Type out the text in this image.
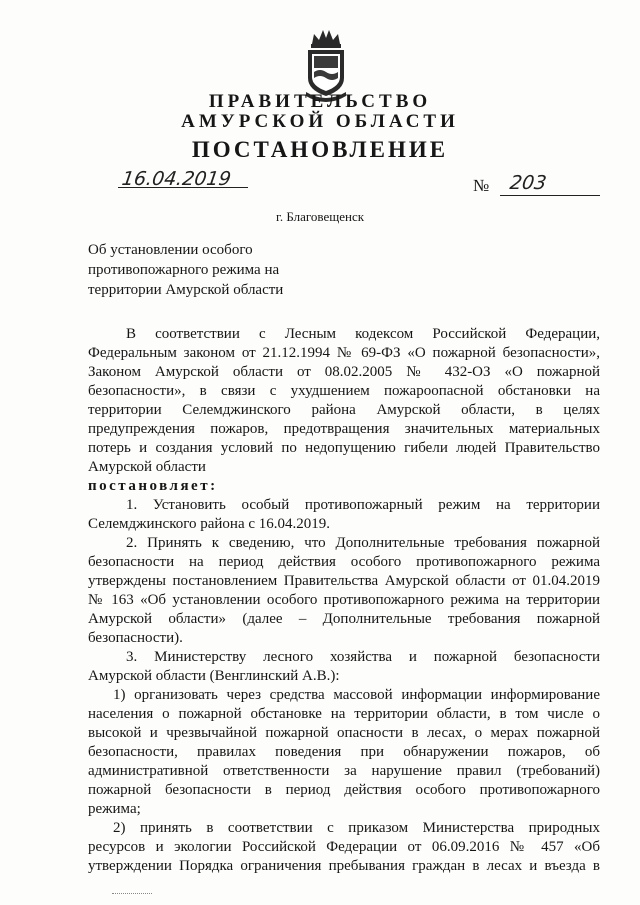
ПРАВИТЕЛЬСТВО

АМУРСКОЙ ОБЛАСТИ

ПОСТАНОВЛЕНИЕ

16.04.2019	№ 203
г. Благовещенск
Об установлении особого
противопожарного режима на
территории Амурской области

В соответствии с Лесным кодексом Российской Федерации,

Федеральным законом от 21.12.1994 № 69-ФЗ «О пожарной безопасности»,

Законом Амурской области от 08.02.2005 № 432-ОЗ «О пожарной

безопасности», в связи с ухудшением пожароопасной обстановки на

территории Селемджинского района Амурской области, в целях

предупреждения пожаров, предотвращения значительных материальных

потерь и создания условий по недопущению гибели людей Правительство

Амурской области

постановляет:

1. Установить особый противопожарный режим на территории

Селемджинского района с 16.04.2019.

2. Принять к сведению, что Дополнительные требования пожарной

безопасности на период действия особого противопожарного режима

утверждены постановлением Правительства Амурской области от 01.04.2019

№ 163 «Об установлении особого противопожарного режима на территории

Амурской области» (далее – Дополнительные требования пожарной

безопасности).

3. Министерству лесного хозяйства и пожарной безопасности

Амурской области (Венглинский А.В.):

1) организовать через средства массовой информации информирование

населения о пожарной обстановке на территории области, в том числе о

высокой и чрезвычайной пожарной опасности в лесах, о мерах пожарной

безопасности, правилах поведения при обнаружении пожаров, об

административной ответственности за нарушение правил (требований)

пожарной безопасности в период действия особого противопожарного

режима;

2) принять в соответствии с приказом Министерства природных

ресурсов и экологии Российской Федерации от 06.09.2016 № 457 «Об

утверждении Порядка ограничения пребывания граждан в лесах и въезда в
